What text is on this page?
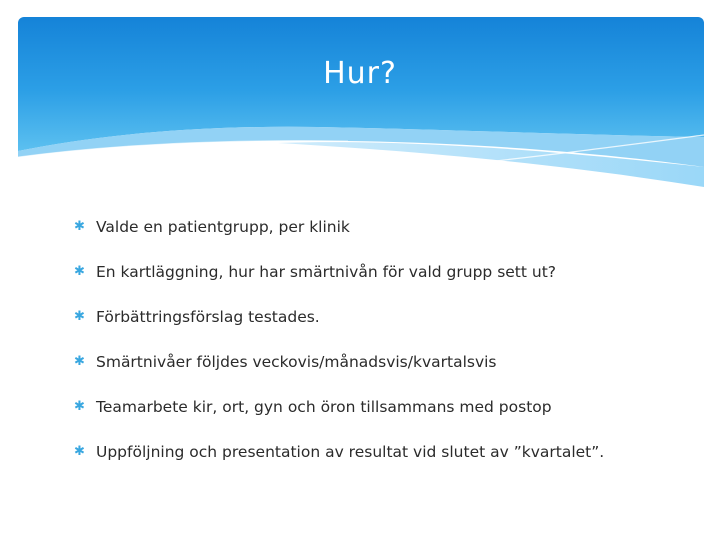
Hur?
✱ Valde en patientgrupp, per klinik
✱ En kartläggning, hur har smärtnivån för vald grupp sett ut?
✱ Förbättringsförslag testades.
✱ Smärtnivåer följdes veckovis/månadsvis/kvartalsvis
✱ Teamarbete kir, ort, gyn och öron tillsammans med postop
✱ Uppföljning och presentation av resultat vid slutet av ”kvartalet”.
